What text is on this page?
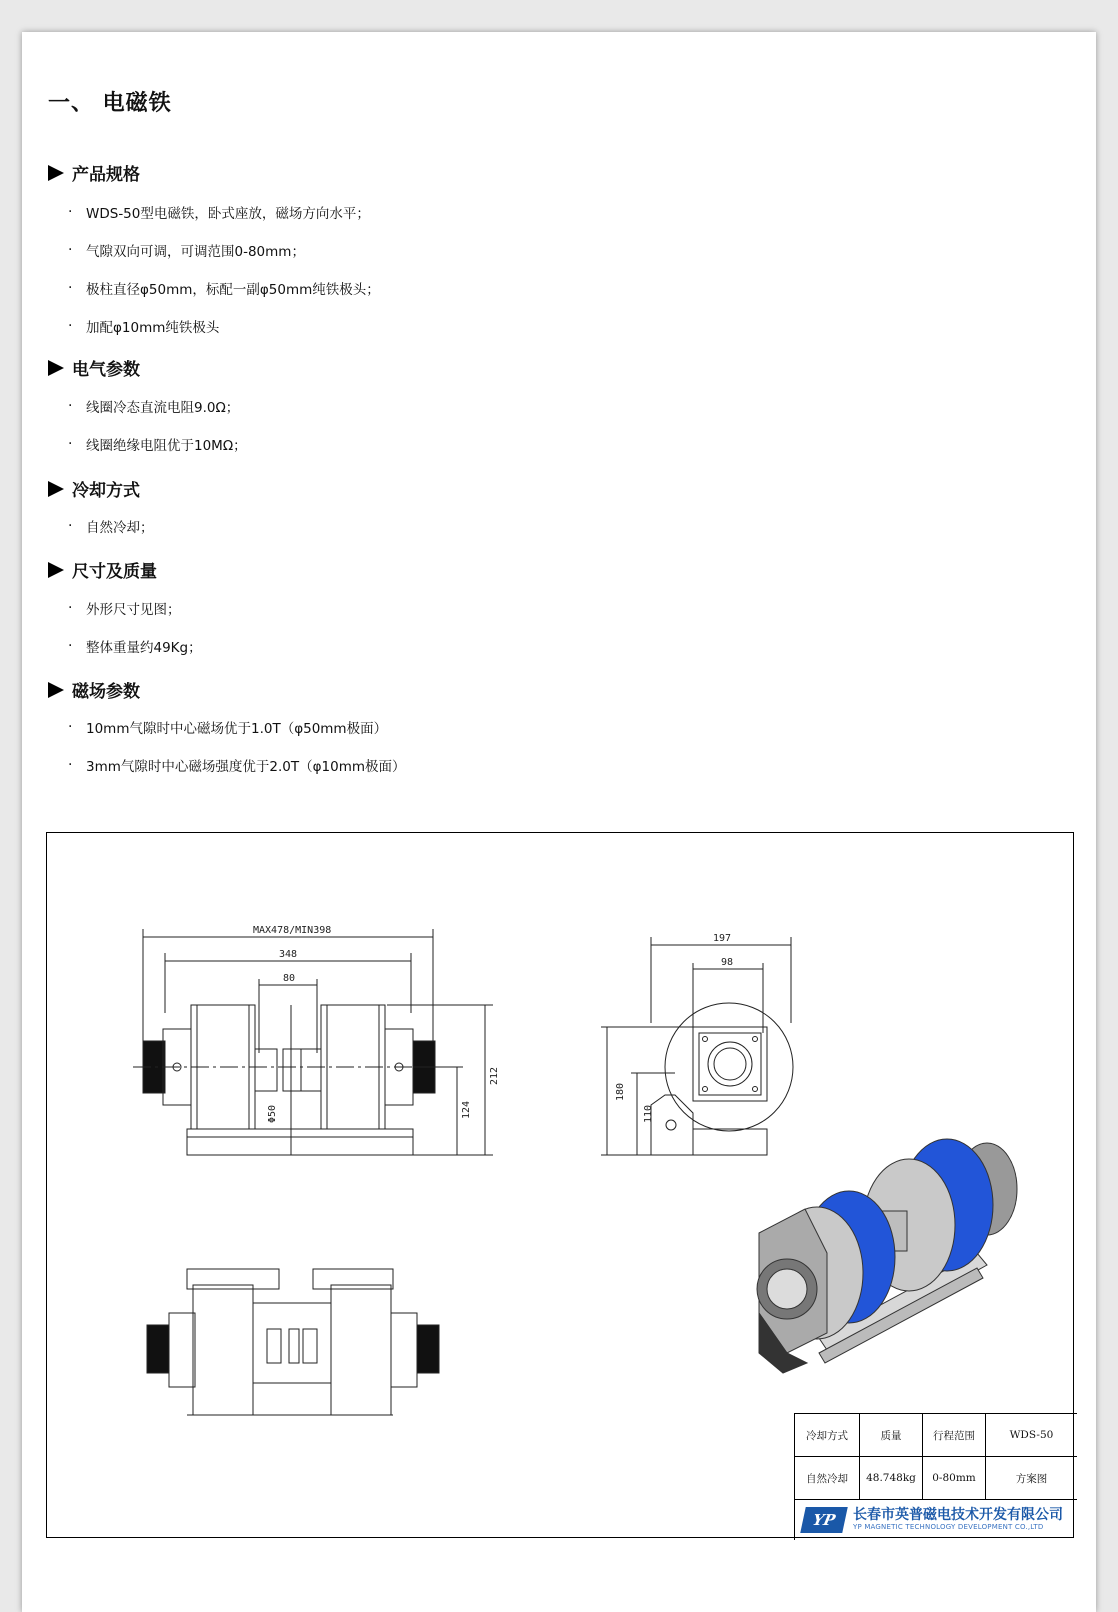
一、 电磁铁
产品规格
·	WDS-50型电磁铁，卧式座放，磁场方向水平；
·	气隙双向可调，可调范围0-80mm；
·	极柱直径φ50mm，标配一副φ50mm纯铁极头；
·	加配φ10mm纯铁极头
电气参数
·	线圈冷态直流电阻9.0Ω；
·	线圈绝缘电阻优于10MΩ；
冷却方式
·	自然冷却；
尺寸及质量
·	外形尺寸见图；
·	整体重量约49Kg；
磁场参数
·	10mm气隙时中心磁场优于1.0T（φ50mm极面）
·	3mm气隙时中心磁场强度优于2.0T（φ10mm极面）
MAX478/MIN398
348
80
212
124
Φ50
197
98
180
110
冷却方式	质量	行程范围	WDS-50
自然冷却	48.748kg	0-80mm	方案图
YP	长春市英普磁电技术开发有限公司
YP MAGNETIC TECHNOLOGY DEVELOPMENT CO.,LTD
